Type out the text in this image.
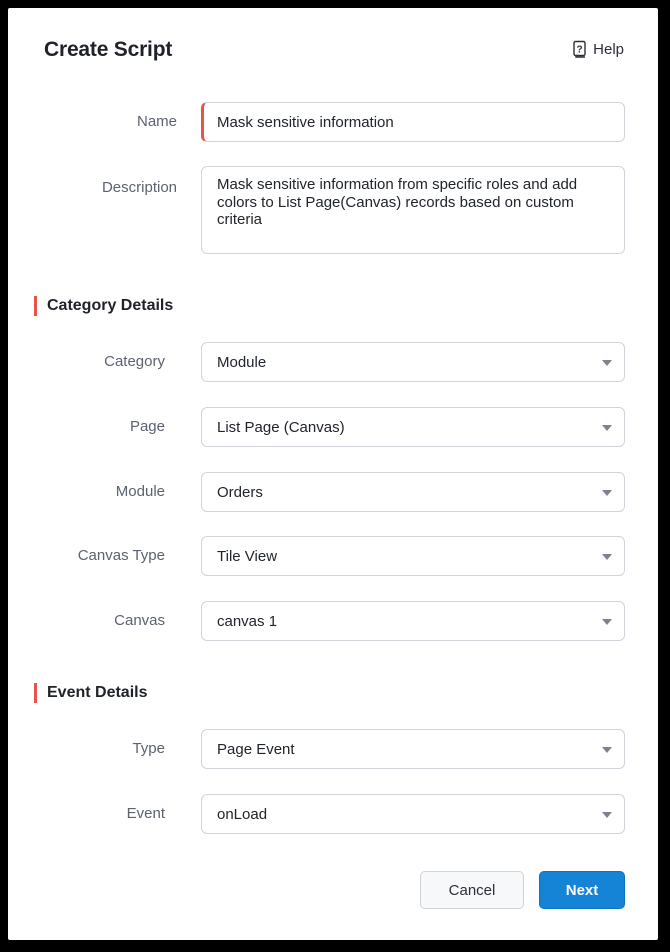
Create Script	? Help
Name	Mask sensitive information
Description	Mask sensitive information from specific roles and add colors to List Page(Canvas) records based on custom criteria
Category Details
Category	Module
Page	List Page (Canvas)
Module	Orders
Canvas Type	Tile View
Canvas	canvas 1
Event Details
Type	Page Event
Event	onLoad
Cancel	Next
